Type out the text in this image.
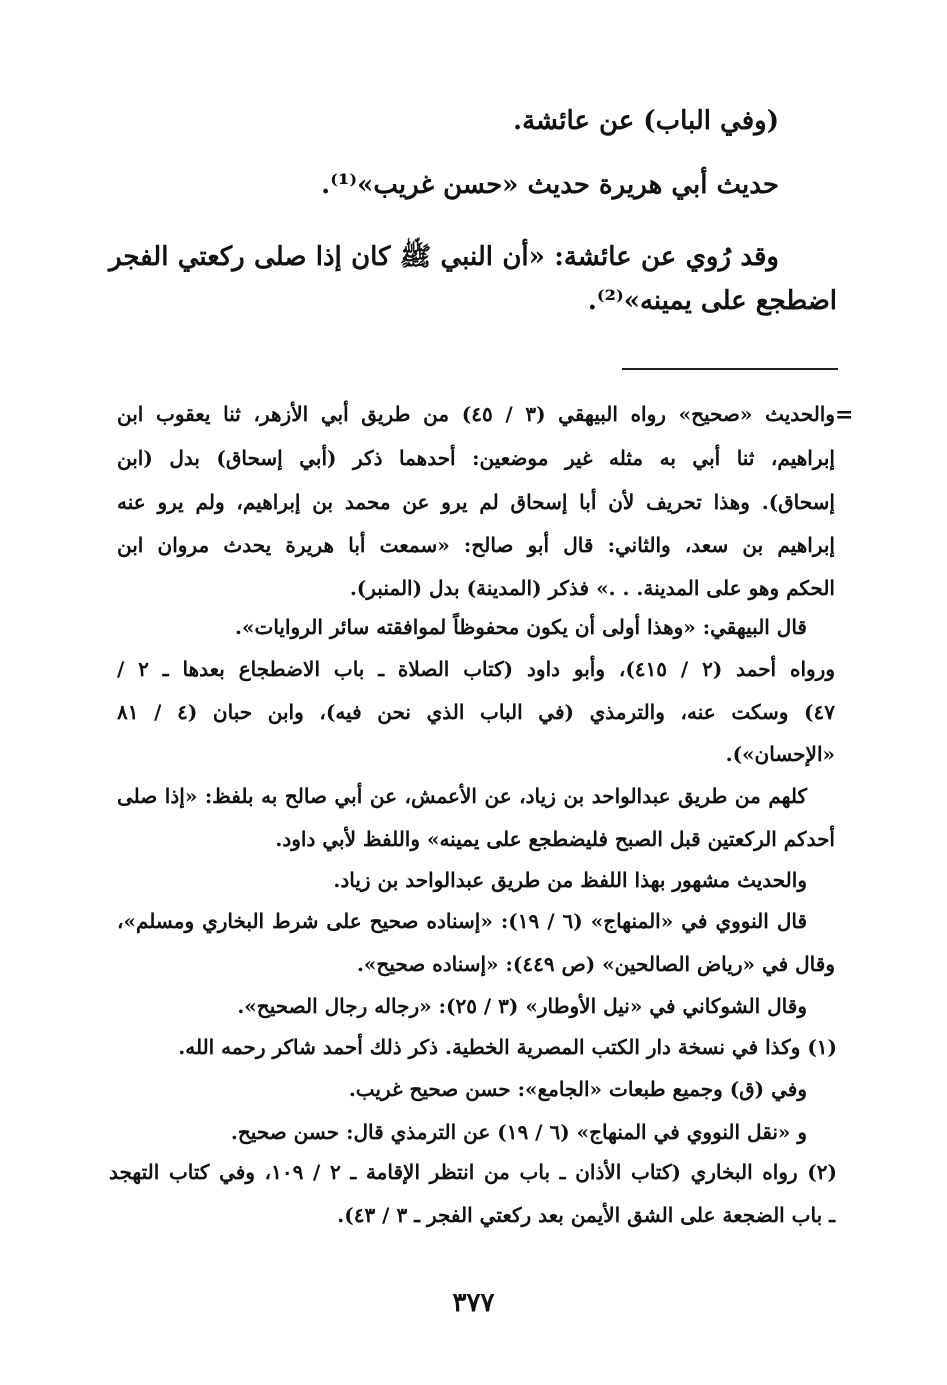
(وفي الباب) عن عائشة.
حديث أبي هريرة حديث «حسن غريب»⁽¹⁾.
وقد رُوي عن عائشة: «أن النبي ﷺ كان إذا صلى ركعتي الفجر
اضطجع على يمينه»⁽²⁾.
=
والحديث «صحيح» رواه البيهقي (٣ / ٤٥) من طريق أبي الأزهر، ثنا يعقوب ابن
إبراهيم، ثنا أبي به مثله غير موضعين: أحدهما ذكر (أبي إسحاق) بدل (ابن
إسحاق). وهذا تحريف لأن أبا إسحاق لم يرو عن محمد بن إبراهيم، ولم يرو عنه
إبراهيم بن سعد، والثاني: قال أبو صالح: «سمعت أبا هريرة يحدث مروان ابن
الحكم وهو على المدينة. . .» فذكر (المدينة) بدل (المنبر).
قال البيهقي: «وهذا أولى أن يكون محفوظاً لموافقته سائر الروايات».
ورواه أحمد (٢ / ٤١٥)، وأبو داود (كتاب الصلاة ـ باب الاضطجاع بعدها ـ ٢ /
٤٧) وسكت عنه، والترمذي (في الباب الذي نحن فيه)، وابن حبان (٤ / ٨١
«الإحسان»).
كلهم من طريق عبدالواحد بن زياد، عن الأعمش، عن أبي صالح به بلفظ: «إذا صلى
أحدكم الركعتين قبل الصبح فليضطجع على يمينه» واللفظ لأبي داود.
والحديث مشهور بهذا اللفظ من طريق عبدالواحد بن زياد.
قال النووي في «المنهاج» (٦ / ١٩): «إسناده صحيح على شرط البخاري ومسلم»،
وقال في «رياض الصالحين» (ص ٤٤٩): «إسناده صحيح».
وقال الشوكاني في «نيل الأوطار» (٣ / ٢٥): «رجاله رجال الصحيح».
(١) وكذا في نسخة دار الكتب المصرية الخطية. ذكر ذلك أحمد شاكر رحمه الله.
وفي (ق) وجميع طبعات «الجامع»: حسن صحيح غريب.
و «نقل النووي في المنهاج» (٦ / ١٩) عن الترمذي قال: حسن صحيح.
(٢) رواه البخاري (كتاب الأذان ـ باب من انتظر الإقامة ـ ٢ / ١٠٩، وفي كتاب التهجد
ـ باب الضجعة على الشق الأيمن بعد ركعتي الفجر ـ ٣ / ٤٣).
٣٧٧
